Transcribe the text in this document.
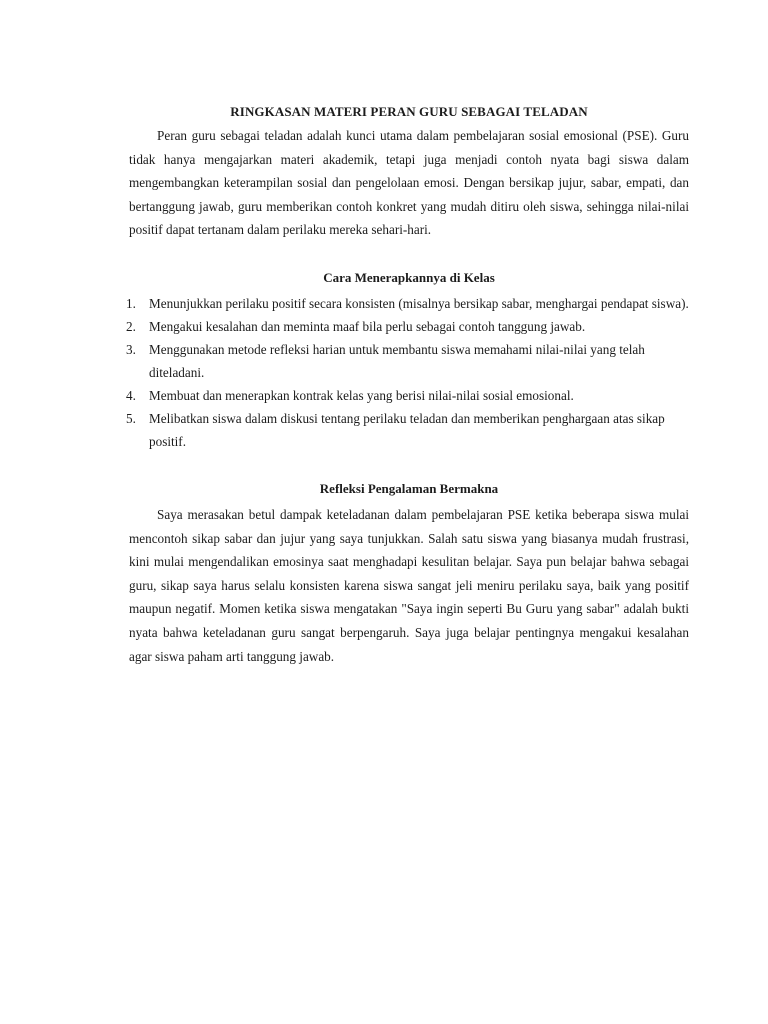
RINGKASAN MATERI PERAN GURU SEBAGAI TELADAN

Peran guru sebagai teladan adalah kunci utama dalam pembelajaran sosial emosional (PSE). Guru tidak hanya mengajarkan materi akademik, tetapi juga menjadi contoh nyata bagi siswa dalam mengembangkan keterampilan sosial dan pengelolaan emosi. Dengan bersikap jujur, sabar, empati, dan bertanggung jawab, guru memberikan contoh konkret yang mudah ditiru oleh siswa, sehingga nilai-nilai positif dapat tertanam dalam perilaku mereka sehari-hari.

Cara Menerapkannya di Kelas
1. Menunjukkan perilaku positif secara konsisten (misalnya bersikap sabar, menghargai pendapat siswa).
2. Mengakui kesalahan dan meminta maaf bila perlu sebagai contoh tanggung jawab.
3. Menggunakan metode refleksi harian untuk membantu siswa memahami nilai-nilai yang telah diteladani.
4. Membuat dan menerapkan kontrak kelas yang berisi nilai-nilai sosial emosional.
5. Melibatkan siswa dalam diskusi tentang perilaku teladan dan memberikan penghargaan atas sikap positif.
Refleksi Pengalaman Bermakna

Saya merasakan betul dampak keteladanan dalam pembelajaran PSE ketika beberapa siswa mulai mencontoh sikap sabar dan jujur yang saya tunjukkan. Salah satu siswa yang biasanya mudah frustrasi, kini mulai mengendalikan emosinya saat menghadapi kesulitan belajar. Saya pun belajar bahwa sebagai guru, sikap saya harus selalu konsisten karena siswa sangat jeli meniru perilaku saya, baik yang positif maupun negatif. Momen ketika siswa mengatakan "Saya ingin seperti Bu Guru yang sabar" adalah bukti nyata bahwa keteladanan guru sangat berpengaruh. Saya juga belajar pentingnya mengakui kesalahan agar siswa paham arti tanggung jawab.
